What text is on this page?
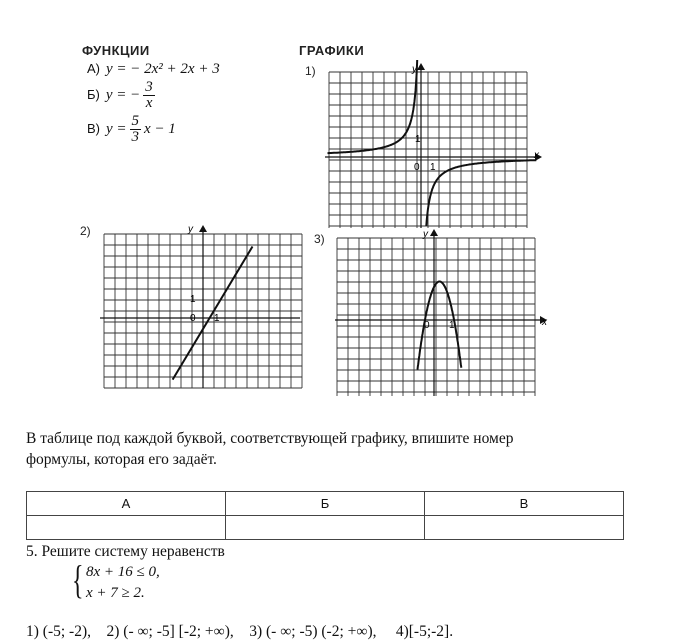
ФУНКЦИИ	ГРАФИКИ
А) y = − 2x² + 2x + 3
Б) y = − $\frac{3}{x}$
В) $y = \frac{5}{3}$ x − 1
1)
2)
3)
y
x
0 1
1
y
0 1
1
y
x
0 1
В таблице под каждой буквой, соответствующей графику, впишите номер
формулы, которая его задаёт.
А	Б	В

5. Решите систему неравенств
{ 8x + 16 ≤ 0,
x + 7 ≥ 2.
1) (-5; -2),    2) (- ∞; -5] [-2; +∞),    3) (- ∞; -5) (-2; +∞),     4)[-5;-2].
